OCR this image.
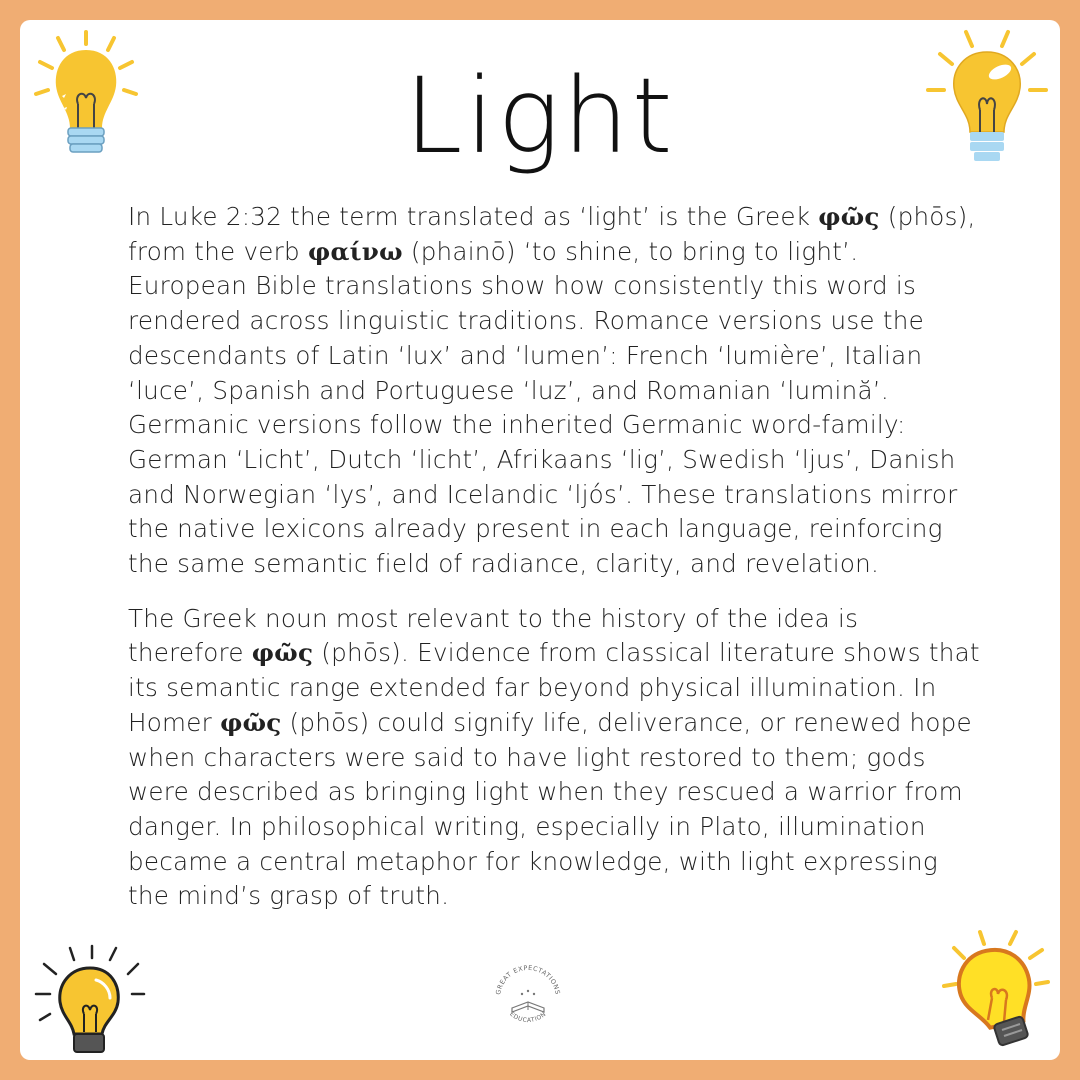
Light

In Luke 2:32 the term translated as ‘light’ is the Greek φῶς (phōs), from the verb φαίνω (phainō) ‘to shine, to bring to light’. European Bible translations show how consistently this word is rendered across linguistic traditions. Romance versions use the descendants of Latin ‘lux’ and ‘lumen’: French ‘lumière’, Italian ‘luce’, Spanish and Portuguese ‘luz’, and Romanian ‘lumină’. Germanic versions follow the inherited Germanic word-family: German ‘Licht’, Dutch ‘licht’, Afrikaans ‘lig’, Swedish ‘ljus’, Danish and Norwegian ‘lys’, and Icelandic ‘ljós’. These translations mirror the native lexicons already present in each language, reinforcing the same semantic field of radiance, clarity, and revelation.

The Greek noun most relevant to the history of the idea is therefore φῶς (phōs). Evidence from classical literature shows that its semantic range extended far beyond physical illumination. In Homer φῶς (phōs) could signify life, deliverance, or renewed hope when characters were said to have light restored to them; gods were described as bringing light when they rescued a warrior from danger. In philosophical writing, especially in Plato, illumination became a central metaphor for knowledge, with light expressing the mind’s grasp of truth.

GREAT EXPECTATIONS
EDUCATION
